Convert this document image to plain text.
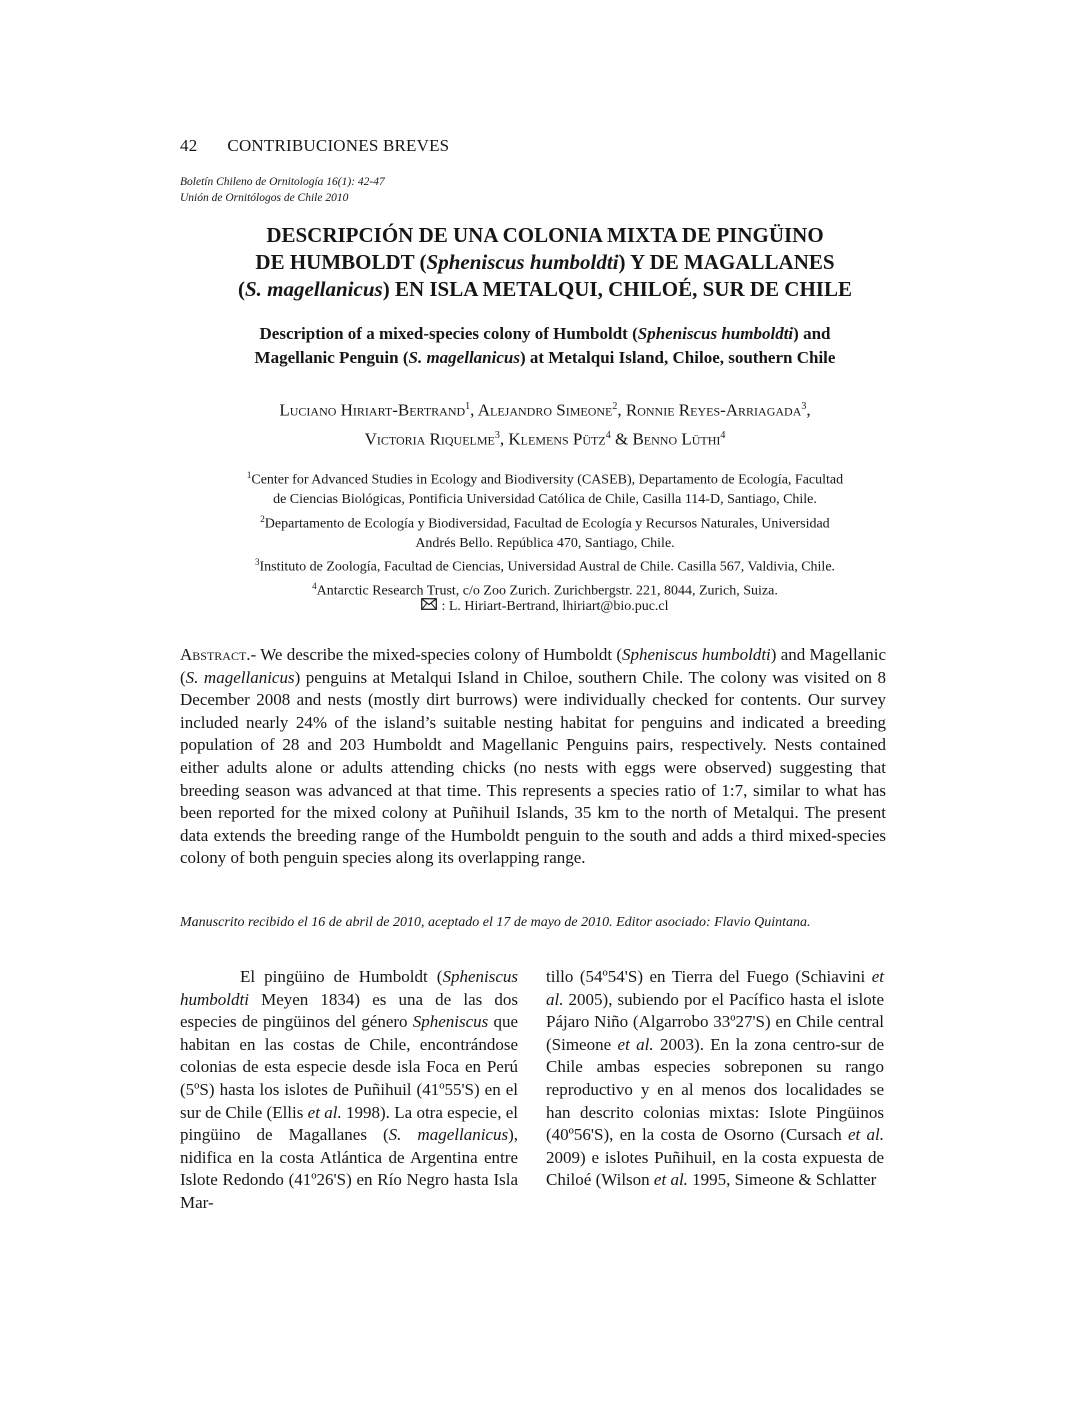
42 CONTRIBUCIONES BREVES
Boletín Chileno de Ornitología 16(1): 42-47
Unión de Ornitólogos de Chile 2010
DESCRIPCIÓN DE UNA COLONIA MIXTA DE PINGÜINO
DE HUMBOLDT (Spheniscus humboldti) Y DE MAGALLANES
(S. magellanicus) EN ISLA METALQUI, CHILOÉ, SUR DE CHILE
Description of a mixed-species colony of Humboldt (Spheniscus humboldti) and
Magellanic Penguin (S. magellanicus) at Metalqui Island, Chiloe, southern Chile
Luciano Hiriart-Bertrand$^1$, Alejandro Simeone$^2$, Ronnie Reyes-Arriagada$^3$,
Victoria Riquelme$^3$, Klemens Pütz$^4$ & Benno Lüthi$^4$
$^1$Center for Advanced Studies in Ecology and Biodiversity (CASEB), Departamento de Ecología, Facultad
de Ciencias Biológicas, Pontificia Universidad Católica de Chile, Casilla 114-D, Santiago, Chile.
$^2$Departamento de Ecología y Biodiversidad, Facultad de Ecología y Recursos Naturales, Universidad
Andrés Bello. República 470, Santiago, Chile.
$^3$Instituto de Zoología, Facultad de Ciencias, Universidad Austral de Chile. Casilla 567, Valdivia, Chile.
$^4$Antarctic Research Trust, c/o Zoo Zurich. Zurichbergstr. 221, 8044, Zurich, Suiza.
: L. Hiriart-Bertrand, lhiriart@bio.puc.cl
Abstract.- We describe the mixed-species colony of Humboldt (Spheniscus humboldti) and Magellanic (S. magellanicus) penguins at Metalqui Island in Chiloe, southern Chile. The colony was visited on 8 December 2008 and nests (mostly dirt burrows) were individually checked for contents. Our survey included nearly 24% of the island’s suitable nesting habitat for penguins and indicated a breeding population of 28 and 203 Humboldt and Magellanic Penguins pairs, respectively. Nests contained either adults alone or adults attending chicks (no nests with eggs were observed) suggesting that breeding season was advanced at that time. This represents a species ratio of 1:7, similar to what has been reported for the mixed colony at Puñihuil Islands, 35 km to the north of Metalqui. The present data extends the breeding range of the Humboldt penguin to the south and adds a third mixed-species colony of both penguin species along its overlapping range.
Manuscrito recibido el 16 de abril de 2010, aceptado el 17 de mayo de 2010. Editor asociado: Flavio Quintana.
El pingüino de Humboldt (Spheniscus humboldti Meyen 1834) es una de las dos especies de pingüinos del género Spheniscus que habitan en las costas de Chile, encontrándose colonias de esta especie desde isla Foca en Perú (5ºS) hasta los islotes de Puñihuil (41º55'S) en el sur de Chile (Ellis et al. 1998). La otra especie, el pingüino de Magallanes (S. magellanicus), nidifica en la costa Atlántica de Argentina entre Islote Redondo (41º26'S) en Río Negro hasta Isla Mar-
tillo (54º54'S) en Tierra del Fuego (Schiavini et al. 2005), subiendo por el Pacífico hasta el islote Pájaro Niño (Algarrobo 33º27'S) en Chile central (Simeone et al. 2003). En la zona centro-sur de Chile ambas especies sobreponen su rango reproductivo y en al menos dos localidades se han descrito colonias mixtas: Islote Pingüinos (40º56'S), en la costa de Osorno (Cursach et al. 2009) e islotes Puñihuil, en la costa expuesta de Chiloé (Wilson et al. 1995, Simeone & Schlatter
